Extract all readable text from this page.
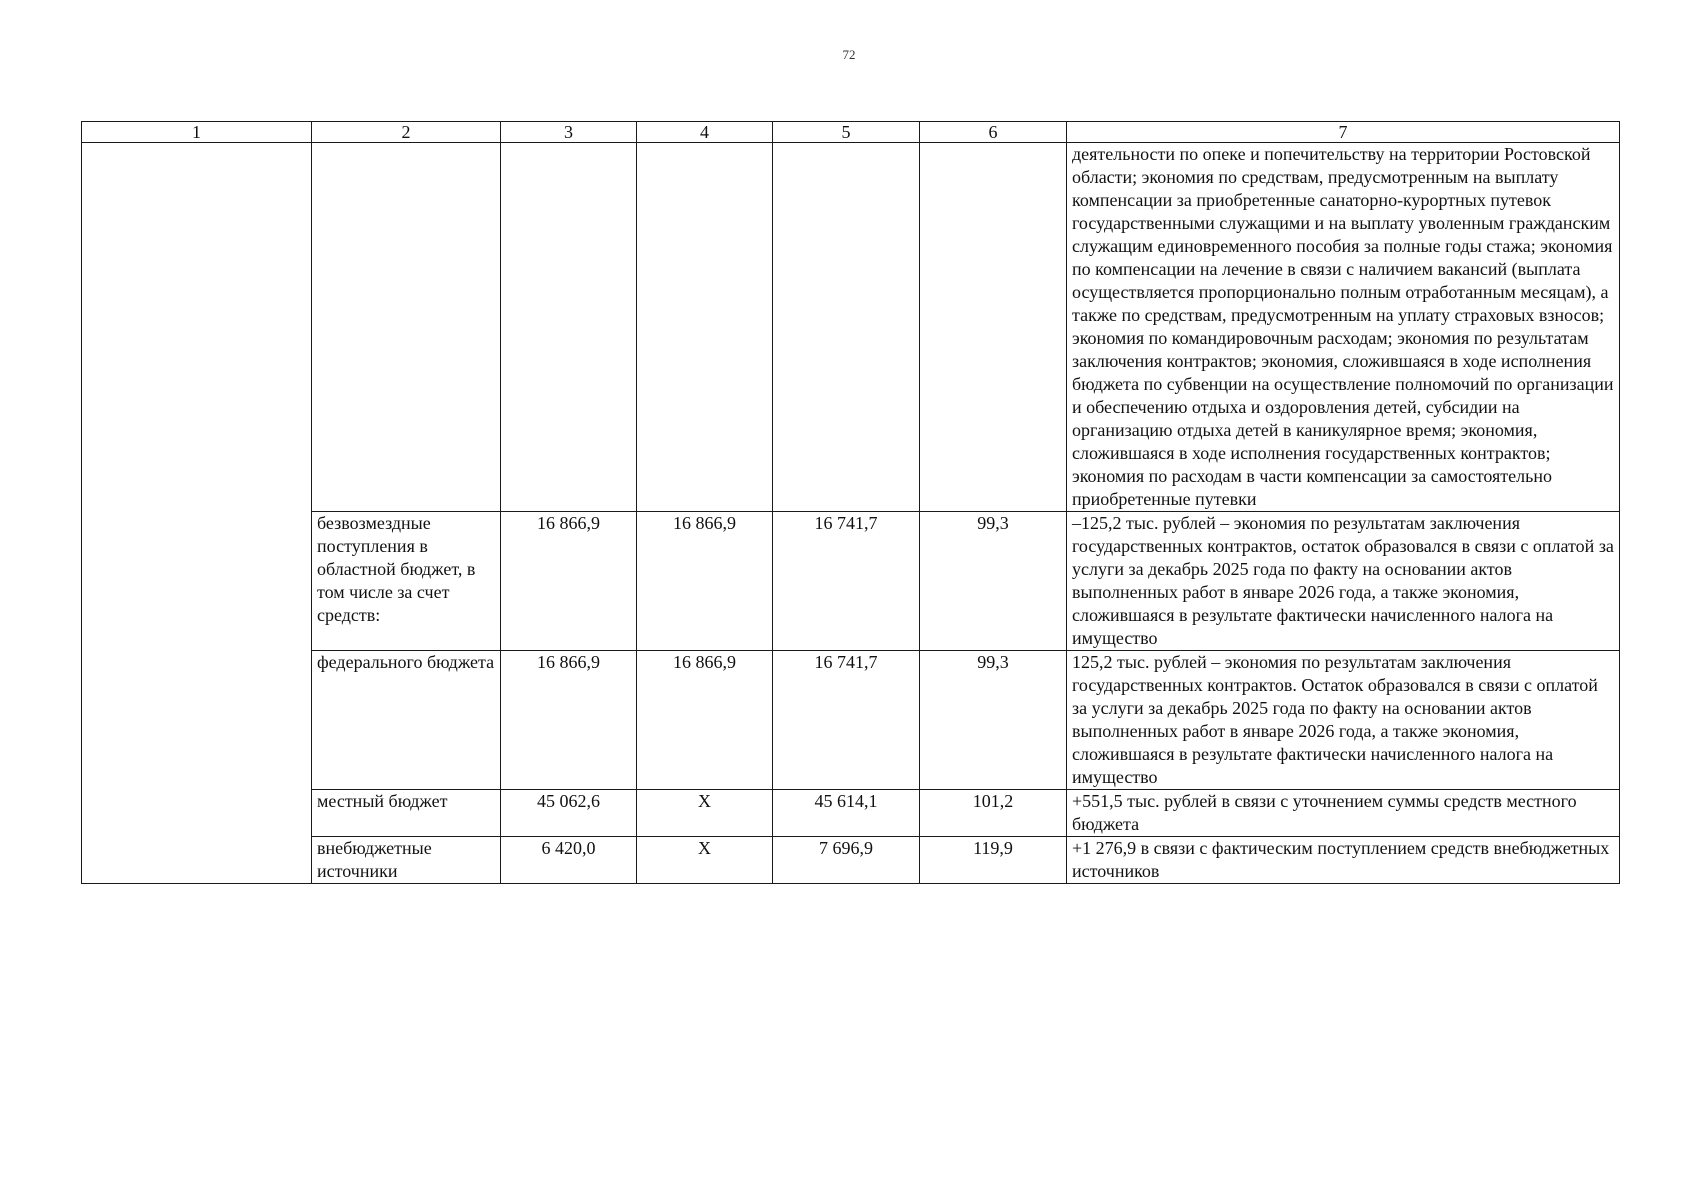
72
1	2	3	4	5	6	7
						деятельности по опеке и попечительству на территории Ростовской области; экономия по средствам, предусмотренным на выплату компенсации за приобретенные санаторно-курортных путевок государственными служащими и на выплату уволенным гражданским служащим единовременного пособия за полные годы стажа; экономия по компенсации на лечение в связи с наличием вакансий (выплата осуществляется пропорционально полным отработанным месяцам), а также по средствам, предусмотренным на уплату страховых взносов; экономия по командировочным расходам; экономия по результатам заключения контрактов; экономия, сложившаяся в ходе исполнения бюджета по субвенции на осуществление полномочий по организации и обеспечению отдыха и оздоровления детей, субсидии на организацию отдыха детей в каникулярное время; экономия, сложившаяся в ходе исполнения государственных контрактов; экономия по расходам в части компенсации за самостоятельно приобретенные путевки
	безвозмездные поступления в областной бюджет, в том числе за счет средств:	16 866,9	16 866,9	16 741,7	99,3	–125,2 тыс. рублей – экономия по результатам заключения государственных контрактов, остаток образовался в связи с оплатой за услуги за декабрь 2025 года по факту на основании актов выполненных работ в январе 2026 года, а также экономия, сложившаяся в результате фактически начисленного налога на имущество
	федерального бюджета	16 866,9	16 866,9	16 741,7	99,3	125,2 тыс. рублей – экономия по результатам заключения государственных контрактов. Остаток образовался в связи с оплатой за услуги за декабрь 2025 года по факту на основании актов выполненных работ в январе 2026 года, а также экономия, сложившаяся в результате фактически начисленного налога на имущество
	местный бюджет	45 062,6	Х	45 614,1	101,2	+551,5 тыс. рублей в связи с уточнением суммы средств местного бюджета
	внебюджетные источники	6 420,0	Х	7 696,9	119,9	+1 276,9 в связи с фактическим поступлением средств внебюджетных источников
